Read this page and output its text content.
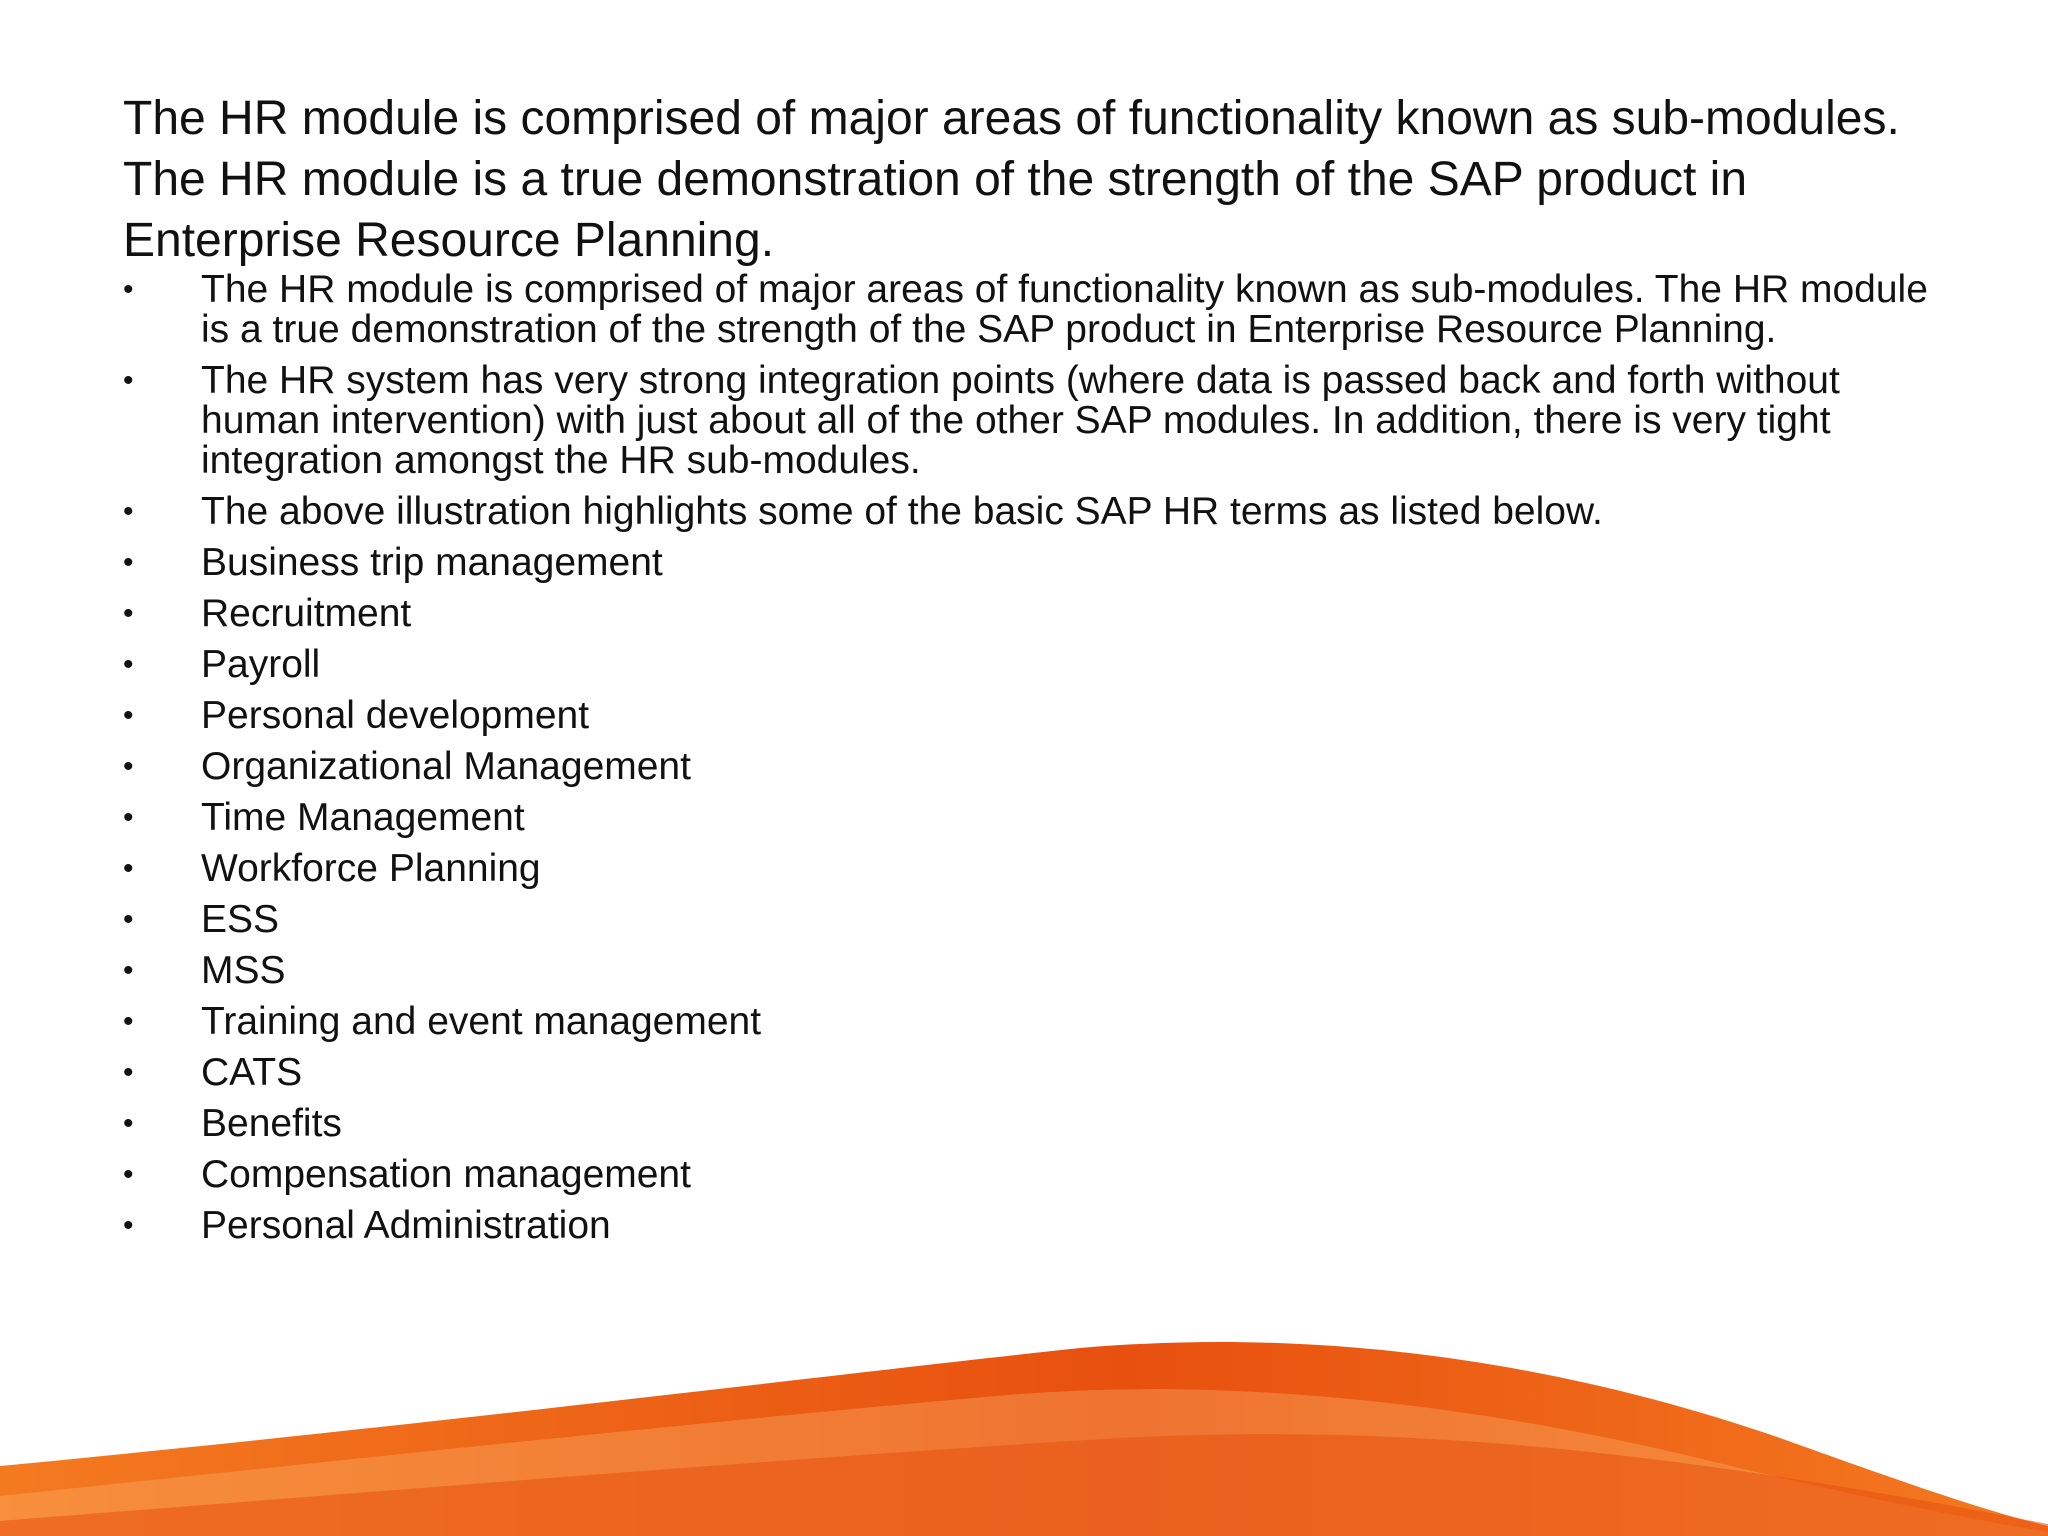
The HR module is comprised of major areas of functionality known as sub-modules. The HR module is a true demonstration of the strength of the SAP product in Enterprise Resource Planning.
•	The HR module is comprised of major areas of functionality known as sub-modules. The HR module is a true demonstration of the strength of the SAP product in Enterprise Resource Planning.
•	The HR system has very strong integration points (where data is passed back and forth without human intervention) with just about all of the other SAP modules. In addition, there is very tight integration amongst the HR sub-modules.
•	The above illustration highlights some of the basic SAP HR terms as listed below.
•	Business trip management
•	Recruitment
•	Payroll
•	Personal development
•	Organizational Management
•	Time Management
•	Workforce Planning
•	ESS
•	MSS
•	Training and event management
•	CATS
•	Benefits
•	Compensation management
•	Personal Administration
